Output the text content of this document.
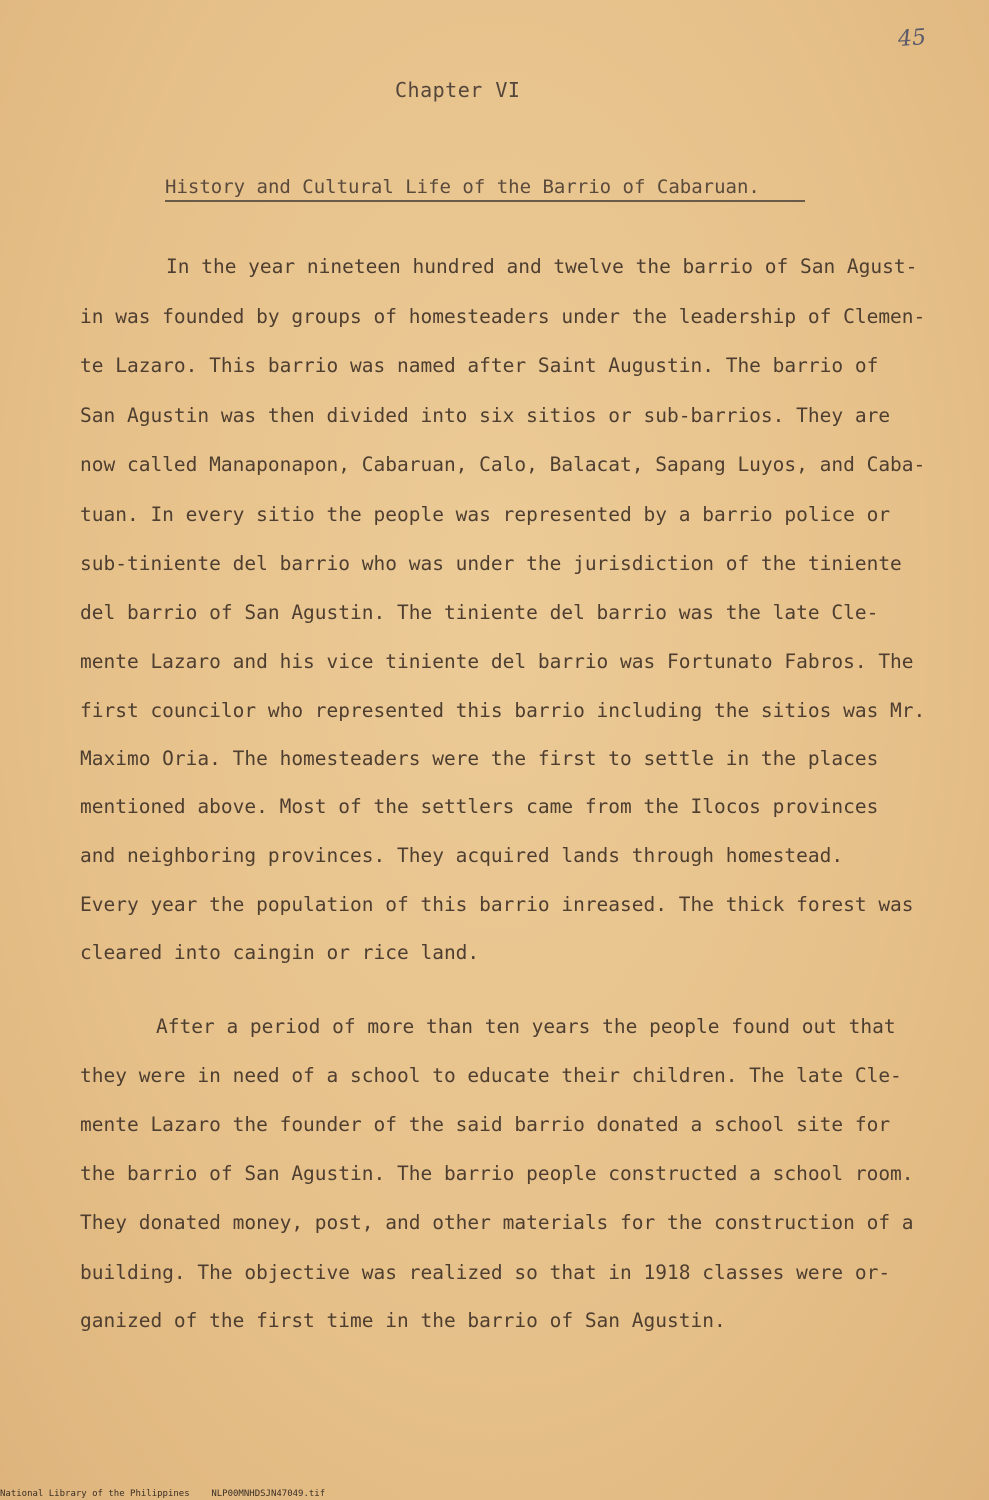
45
Chapter VI
History and Cultural Life of the Barrio of Cabaruan.
In the year nineteen hundred and twelve the barrio of San Agust-
in was founded by groups of homesteaders under the leadership of Clemen-
te Lazaro. This barrio was named after Saint Augustin. The barrio of
San Agustin was then divided into six sitios or sub-barrios. They are
now called Manaponapon, Cabaruan, Calo, Balacat, Sapang Luyos, and Caba-
tuan. In every sitio the people was represented by a barrio police or
sub-tiniente del barrio who was under the jurisdiction of the tiniente
del barrio of San Agustin. The tiniente del barrio was the late Cle-
mente Lazaro and his vice tiniente del barrio was Fortunato Fabros. The
first councilor who represented this barrio including the sitios was Mr.
Maximo Oria. The homesteaders were the first to settle in the places
mentioned above. Most of the settlers came from the Ilocos provinces
and neighboring provinces. They acquired lands through homestead.
Every year the population of this barrio inreased. The thick forest was
cleared into caingin or rice land.
After a period of more than ten years the people found out that
they were in need of a school to educate their children. The late Cle-
mente Lazaro the founder of the said barrio donated a school site for
the barrio of San Agustin. The barrio people constructed a school room.
They donated money, post, and other materials for the construction of a
building. The objective was realized so that in 1918 classes were or-
ganized of the first time in the barrio of San Agustin.
National Library of the Philippines NLP00MNHDSJN47049.tif
